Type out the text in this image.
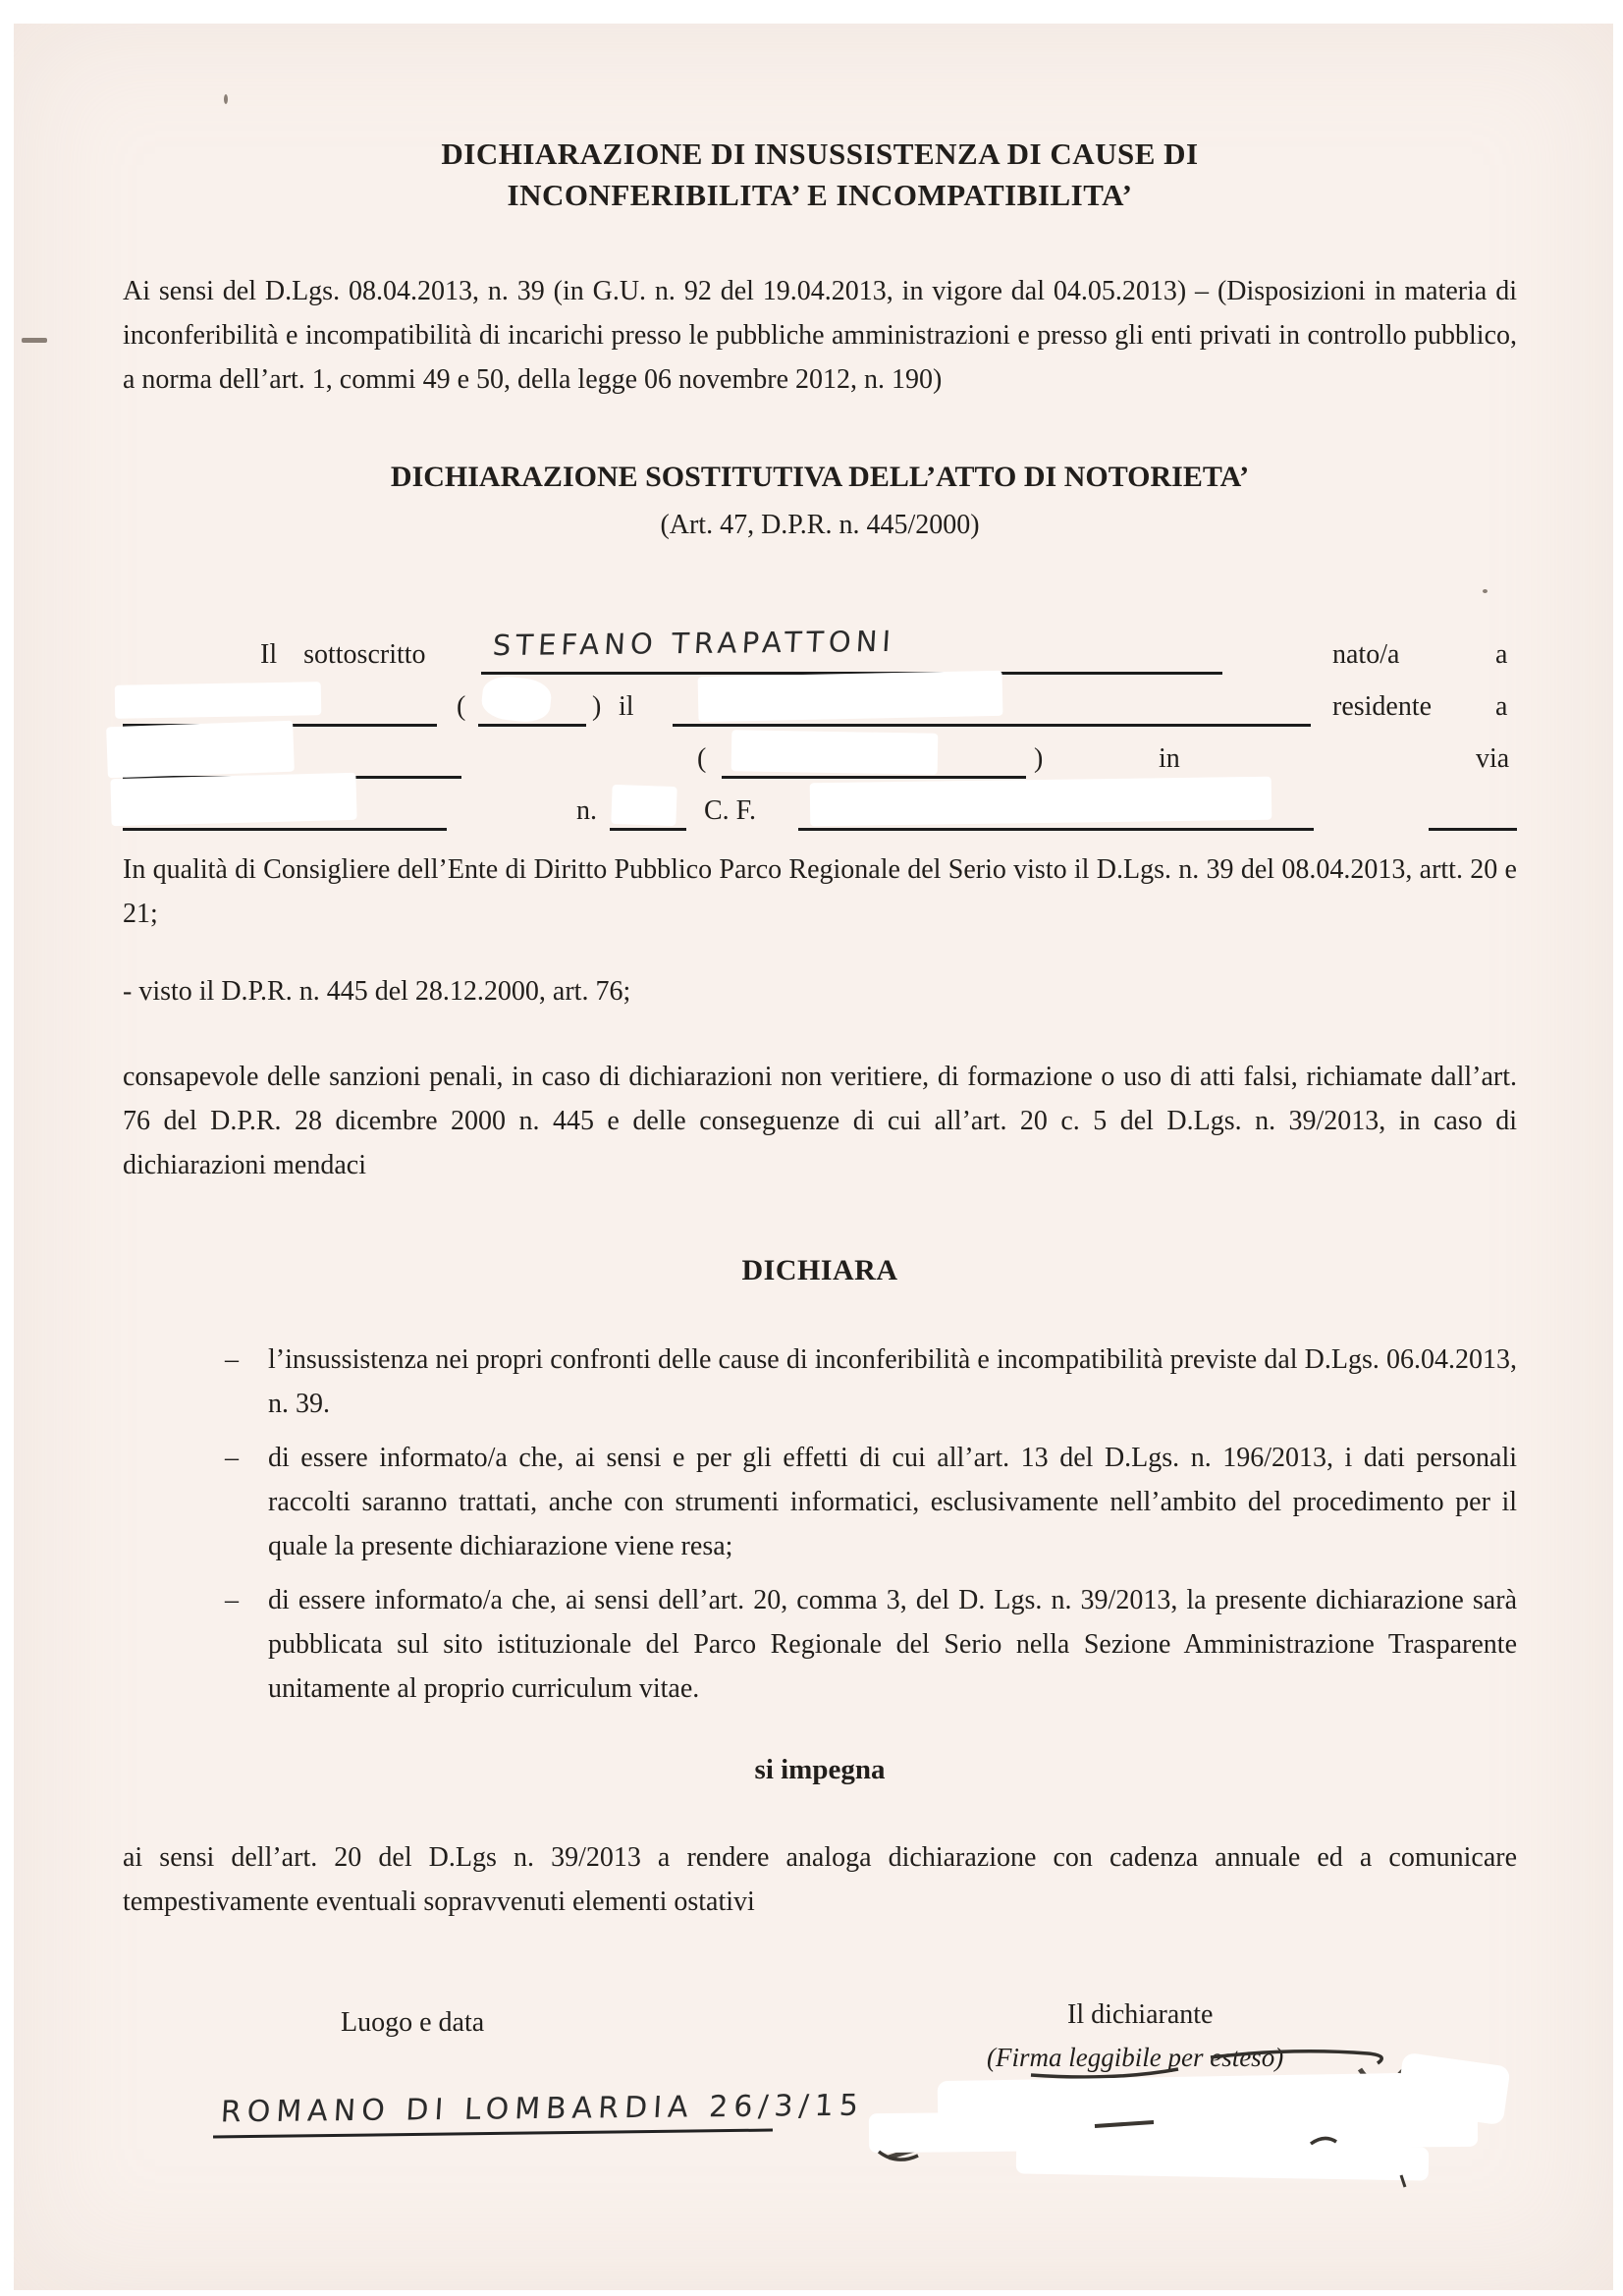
DICHIARAZIONE DI INSUSSISTENZA DI CAUSE DI
INCONFERIBILITA’ E INCOMPATIBILITA’

Ai sensi del D.Lgs. 08.04.2013, n. 39 (in G.U. n. 92 del 19.04.2013, in vigore dal 04.05.2013) – (Disposizioni in materia di inconferibilità e incompatibilità di incarichi presso le pubbliche amministrazioni e presso gli enti privati in controllo pubblico, a norma dell’art. 1, commi 49 e 50, della legge 06 novembre 2012, n. 190)

DICHIARAZIONE SOSTITUTIVA DELL’ATTO DI NOTORIETA’
(Art. 47, D.P.R. n. 445/2000)
Il sottoscritto STEFANO TRAPATTONI	nato/a	a
(	) il	residente a
(	)	in	via
n.	C. F.

In qualità di Consigliere dell’Ente di Diritto Pubblico Parco Regionale del Serio visto il D.Lgs. n. 39 del 08.04.2013, artt. 20 e 21;

- visto il D.P.R. n. 445 del 28.12.2000, art. 76;

consapevole delle sanzioni penali, in caso di dichiarazioni non veritiere, di formazione o uso di atti falsi, richiamate dall’art. 76 del D.P.R. 28 dicembre 2000 n. 445 e delle conseguenze di cui all’art. 20 c. 5 del D.Lgs. n. 39/2013, in caso di dichiarazioni mendaci

DICHIARA
– l’insussistenza nei propri confronti delle cause di inconferibilità e incompatibilità previste dal D.Lgs. 06.04.2013, n. 39.
– di essere informato/a che, ai sensi e per gli effetti di cui all’art. 13 del D.Lgs. n. 196/2013, i dati personali raccolti saranno trattati, anche con strumenti informatici, esclusivamente nell’ambito del procedimento per il quale la presente dichiarazione viene resa;
– di essere informato/a che, ai sensi dell’art. 20, comma 3, del D. Lgs. n. 39/2013, la presente dichiarazione sarà pubblicata sul sito istituzionale del Parco Regionale del Serio nella Sezione Amministrazione Trasparente unitamente al proprio curriculum vitae.
si impegna

ai sensi dell’art. 20 del D.Lgs n. 39/2013 a rendere analoga dichiarazione con cadenza annuale ed a comunicare tempestivamente eventuali sopravvenuti elementi ostativi

Luogo e data	Il dichiarante
(Firma leggibile per esteso)
ROMANO DI LOMBARDIA 26/3/15
